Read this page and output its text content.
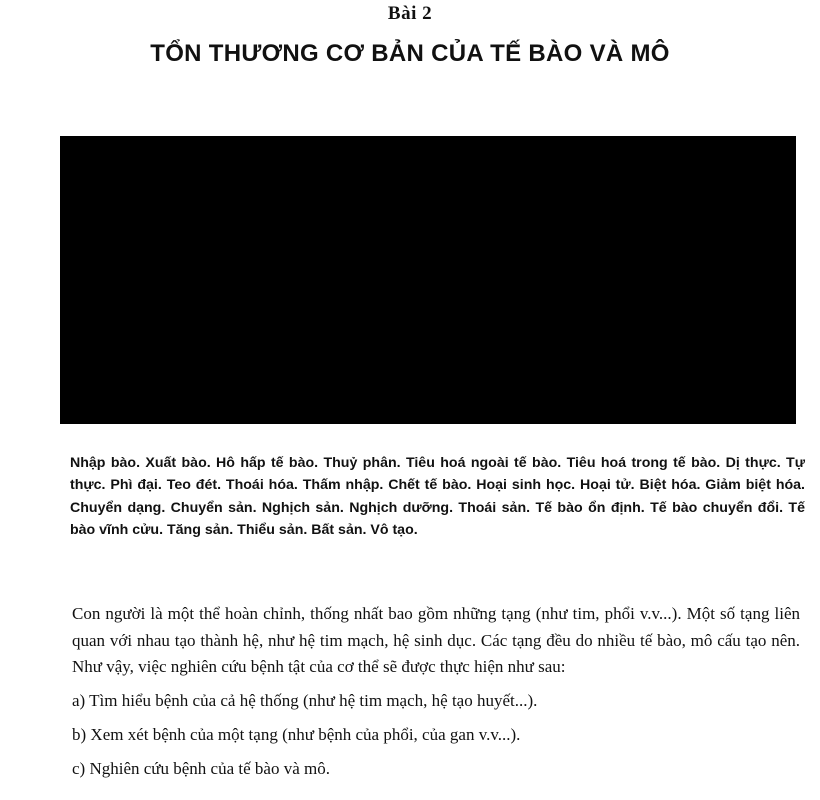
Bài 2
TỔN THƯƠNG CƠ BẢN CỦA TẾ BÀO VÀ MÔ
Nhập bào. Xuất bào. Hô hấp tế bào. Thuỷ phân. Tiêu hoá ngoài tế bào. Tiêu hoá trong tế bào. Dị thực. Tự thực. Phì đại. Teo đét. Thoái hóa. Thấm nhập. Chết tế bào. Hoại sinh học. Hoại tử. Biệt hóa. Giảm biệt hóa. Chuyển dạng. Chuyển sản. Nghịch sản. Nghịch dưỡng. Thoái sản. Tế bào ổn định. Tế bào chuyển đổi. Tế bào vĩnh cửu. Tăng sản. Thiểu sản. Bất sản. Vô tạo.

Con người là một thể hoàn chỉnh, thống nhất bao gồm những tạng (như tim, phổi v.v...). Một số tạng liên quan với nhau tạo thành hệ, như hệ tim mạch, hệ sinh dục. Các tạng đều do nhiều tế bào, mô cấu tạo nên. Như vậy, việc nghiên cứu bệnh tật của cơ thể sẽ được thực hiện như sau:

a) Tìm hiểu bệnh của cả hệ thống (như hệ tim mạch, hệ tạo huyết...).

b) Xem xét bệnh của một tạng (như bệnh của phổi, của gan v.v...).

c) Nghiên cứu bệnh của tế bào và mô.
